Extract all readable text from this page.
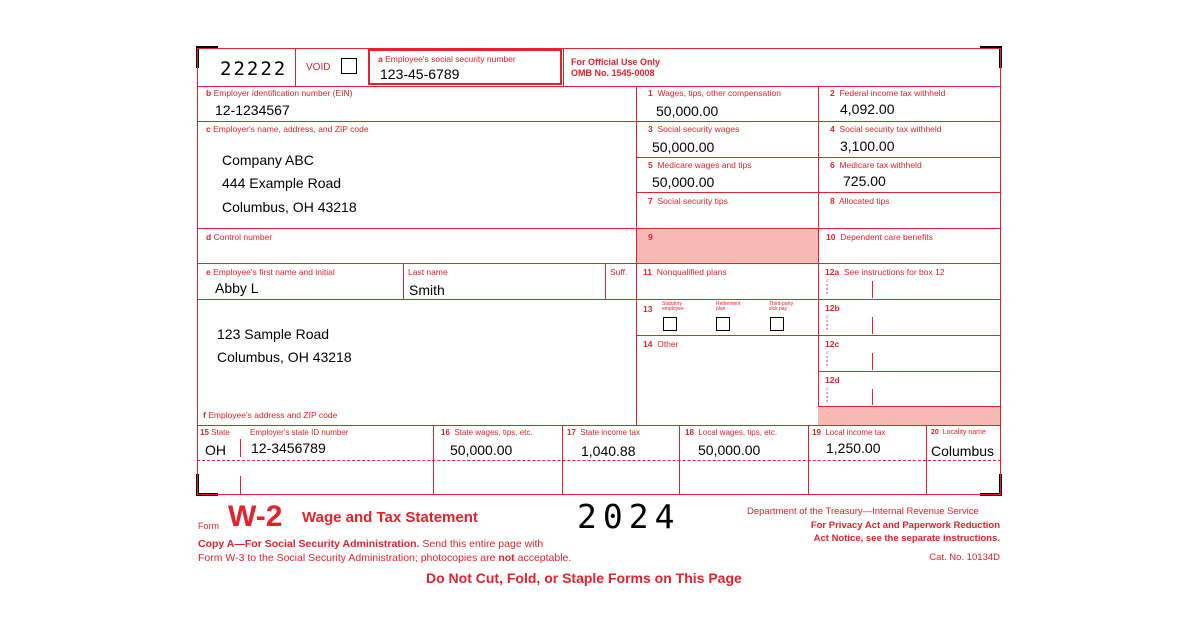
22222 VOID
a Employee's social security number
123-45-6789
For Official Use Only
OMB No. 1545-0008
b Employer identification number (EIN)
12-1234567
c Employer's name, address, and ZIP code
Company ABC
444 Example Road
Columbus, OH 43218
d Control number
e Employee's first name and initial
Abby L
Last name
Smith
Suff.
123 Sample Road
Columbus, OH 43218
f Employee's address and ZIP code
1 Wages, tips, other compensation
50,000.00
2 Federal income tax withheld
4,092.00
3 Social security wages
50,000.00
4 Social security tax withheld
3,100.00
5 Medicare wages and tips
50,000.00
6 Medicare tax withheld
725.00
7 Social security tips	8 Allocated tips
9	10 Dependent care benefits
11 Nonqualified plans	12a See instructions for box 12
C o d e
13 Statutory employee
Retirement plan
Third-party sick pay	12b
C o d e
12c
C o d e
12d
C o d e
14 Other
15 State	Employer's state ID number
OH 12-3456789
16 State wages, tips, etc.
50,000.00
17 State income tax
1,040.88
18 Local wages, tips, etc.
50,000.00
19 Local income tax
1,250.00
20 Locality name
Columbus
Form W-2 Wage and Tax Statement	2024	Department of the Treasury—Internal Revenue Service
For Privacy Act and Paperwork Reduction
Act Notice, see the separate instructions.
Copy A—For Social Security Administration. Send this entire page with
Form W-3 to the Social Security Administration; photocopies are not acceptable.	Cat. No. 10134D
Do Not Cut, Fold, or Staple Forms on This Page
